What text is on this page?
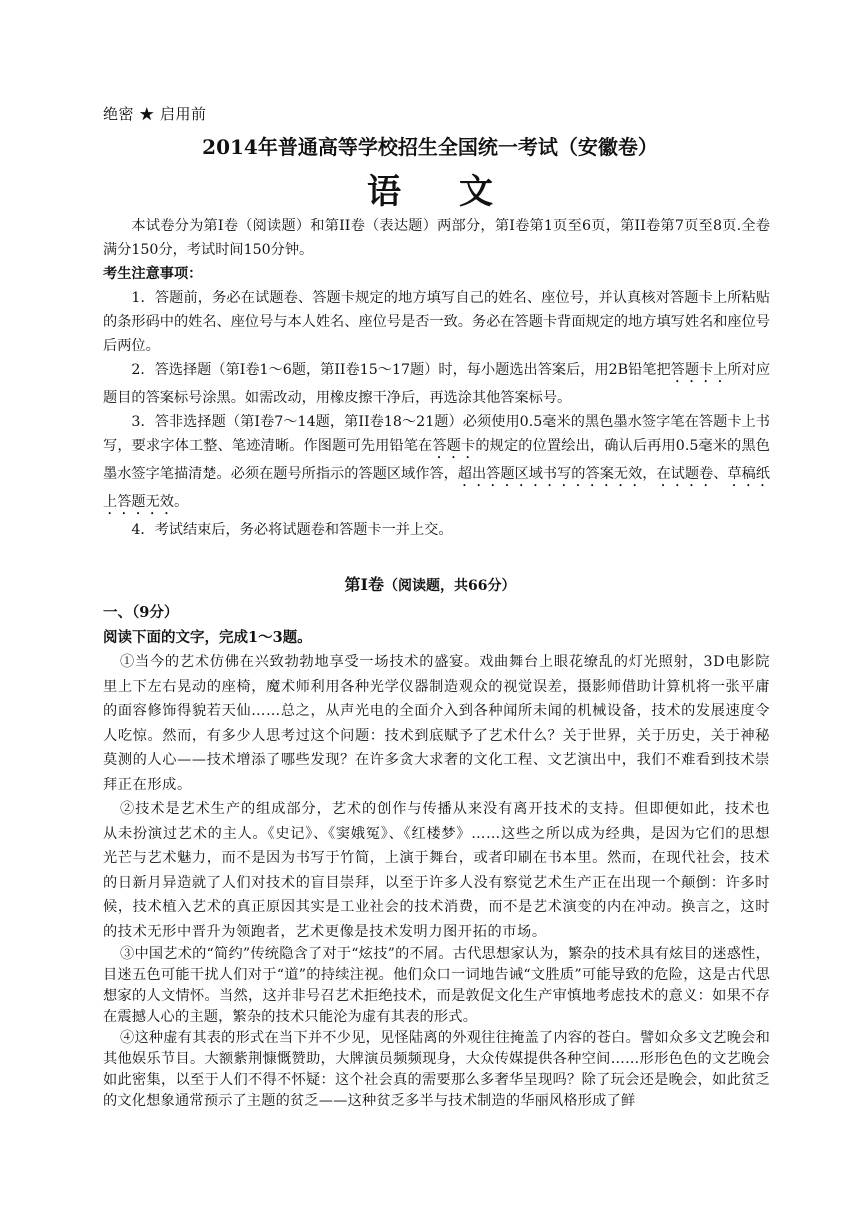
绝密 ★ 启用前
2014年普通高等学校招生全国统一考试（安徽卷）
语文

本试卷分为第I卷（阅读题）和第II卷（表达题）两部分，第I卷第1页至6页，第II卷第7页至8页.全卷满分150分，考试时间150分钟。

考生注意事项：

1．答题前，务必在试题卷、答题卡规定的地方填写自己的姓名、座位号，并认真核对答题卡上所粘贴的条形码中的姓名、座位号与本人姓名、座位号是否一致。务必在答题卡背面规定的地方填写姓名和座位号后两位。

2．答选择题（第I卷1～6题，第II卷15～17题）时，每小题选出答案后，用2B铅笔把答题卡上所对应题目的答案标号涂黑。如需改动，用橡皮擦干净后，再选涂其他答案标号。

3．答非选择题（第I卷7～14题，第II卷18～21题）必须使用0.5毫米的黑色墨水签字笔在答题卡上书写，要求字体工整、笔迹清晰。作图题可先用铅笔在答题卡的规定的位置绘出，确认后再用0.5毫米的黑色墨水签字笔描清楚。必须在题号所指示的答题区域作答，超出答题区域书写的答案无效，在试题卷、草稿纸上答题无效。

4．考试结束后，务必将试题卷和答题卡一并上交。

第I卷（阅读题，共66分）
一、（9分）
阅读下面的文字，完成1～3题。

①当今的艺术仿佛在兴致勃勃地享受一场技术的盛宴。戏曲舞台上眼花缭乱的灯光照射，3D电影院里上下左右晃动的座椅，魔术师利用各种光学仪器制造观众的视觉误差，摄影师借助计算机将一张平庸的面容修饰得貌若天仙……总之，从声光电的全面介入到各种闻所未闻的机械设备，技术的发展速度令人吃惊。然而，有多少人思考过这个问题：技术到底赋予了艺术什么？关于世界，关于历史，关于神秘莫测的人心——技术增添了哪些发现？在许多贪大求奢的文化工程、文艺演出中，我们不难看到技术崇拜正在形成。

②技术是艺术生产的组成部分，艺术的创作与传播从来没有离开技术的支持。但即便如此，技术也从未扮演过艺术的主人。《史记》、《窦娥冤》、《红楼梦》……这些之所以成为经典，是因为它们的思想光芒与艺术魅力，而不是因为书写于竹简，上演于舞台，或者印刷在书本里。然而，在现代社会，技术的日新月异造就了人们对技术的盲目崇拜，以至于许多人没有察觉艺术生产正在出现一个颠倒：许多时候，技术植入艺术的真正原因其实是工业社会的技术消费，而不是艺术演变的内在冲动。换言之，这时的技术无形中晋升为领跑者，艺术更像是技术发明力图开拓的市场。

③中国艺术的“简约”传统隐含了对于“炫技”的不屑。古代思想家认为，繁杂的技术具有炫目的迷惑性，目迷五色可能干扰人们对于“道”的持续注视。他们众口一词地告诫“文胜质”可能导致的危险，这是古代思想家的人文情怀。当然，这并非号召艺术拒绝技术，而是敦促文化生产审慎地考虑技术的意义：如果不存在震撼人心的主题，繁杂的技术只能沦为虚有其表的形式。

④这种虚有其表的形式在当下并不少见，见怪陆离的外观往往掩盖了内容的苍白。譬如众多文艺晚会和其他娱乐节目。大额紫荆慷慨赞助，大牌演员频频现身，大众传媒提供各种空间……形形色色的文艺晚会如此密集，以至于人们不得不怀疑：这个社会真的需要那么多奢华呈现吗？除了玩会还是晚会，如此贫乏的文化想象通常预示了主题的贫乏——这种贫乏多半与技术制造的华丽风格形成了鲜
